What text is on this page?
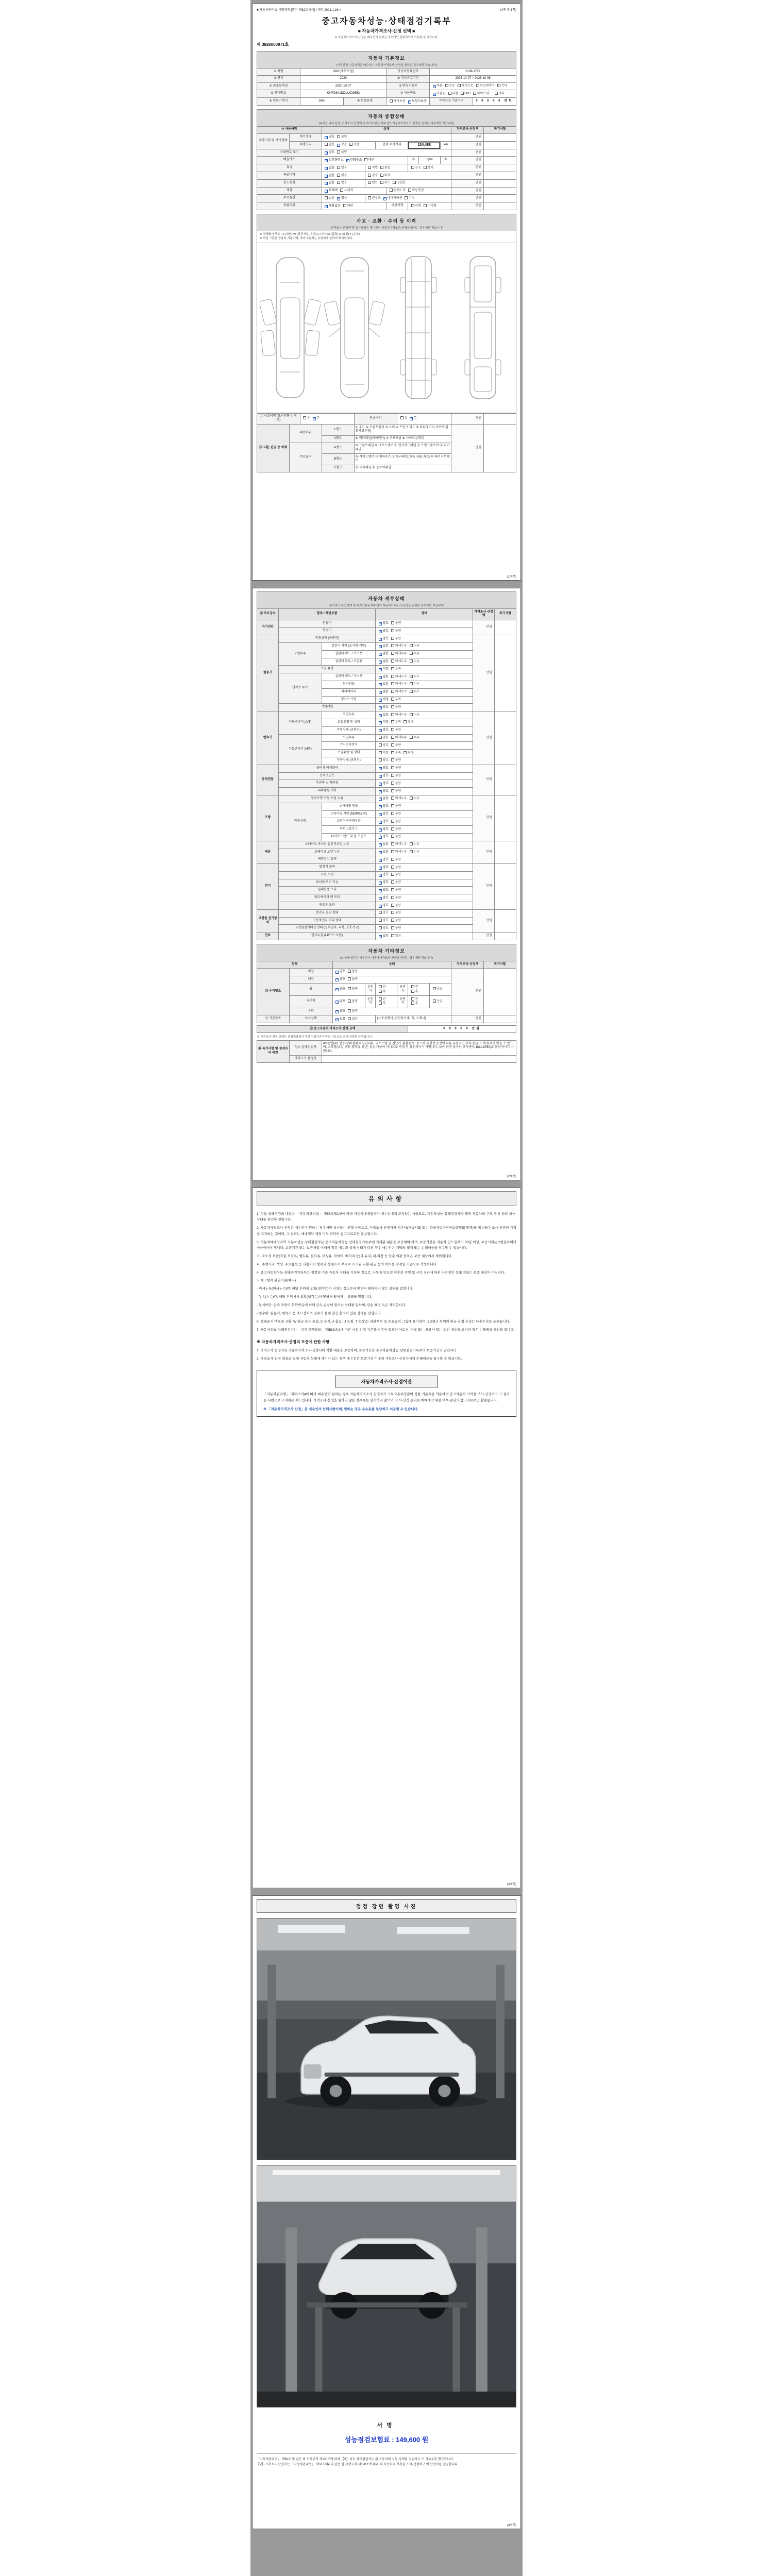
■ 자동차관리법 시행규칙 [별지 제82호서식] <개정 2021.1.16.>	(4쪽 중 1쪽)
중고자동차성능·상태점검기록부
■ 자동차가격조사·산정 선택 ■
※ 자동차가격조사·산정은 매수인이 원하는 경우에만 선택적으로 이용할 수 있습니다.
제 3826000971호
자동차 기본정보
(가격산정 기준가격은 매수인이 자동차가격조사·산정을 원하는 경우에만 적습니다)
① 차명	G80 (세부모델)		자동차등록번호	2199-1787	
② 연식	2020		③ 검사유효기간	2025-10-07 ~ 2026-10-06	
④ 최초등록일	2020-10-07		⑤ 변속기종류	✓자동 수동 세미오토 무단변속기 기타	
⑥ 차대번호	KMTG841DDLU029852		⑦ 사용연료	✓가솔린 디젤 LPG 하이브리드 기타	
⑧ 원동기형식	D6A	⑨ 보증유형	자가보증 ✓보험사보증	가격산정 기준가격	0 0 0 0 0 만원
자동차 종합상태
(※색상, 주요옵션, 가격조사·산정액 및 특기사항은 매수인이 자동차가격조사·산정을 원하는 경우에만 적습니다)
⑩ 사용이력		상태							가격조사·산정액	특기사항
주행거리 및 계기상태	계기상태	✓양호 불량							만원	
	주행거리	많음 ✓보통 적음		현재 주행거리		134,488		km	만원	
차대번호 표기		✓양호 불량							만원	
배출가스		✓일산화탄소 ✓탄화수소 매연				%	ppm	%	만원	
튜닝		✓없음 있음	적법 불법			구조 장치			만원	
특별이력		✓없음 있음	침수 화재						만원	
용도변경		✓없음 있음	렌트 리스 영업용						만원	
색상		✓무채색 유채색			전체도색 색상변경				만원	
주요옵션		없음 ✓있음	썬루프 ✓네비게이션 기타						만원	
리콜대상		✓해당없음 해당			리콜이행	이행 미이행			만원	
사고 · 교환 · 수리 등 이력
(가격조사·산정액 및 특기사항은 매수인이 자동차가격조사·산정을 원하는 경우에만 적습니다)
※ 상태표시 부호 : X (교환) W (판금 또는 용접) C (부식) A (흠집) U (요철) T (손상)
※ 하단 그림은 승용차 기준이며, 기타 자동차는 승용차에 준하여 표시합니다.
⑫ 사고이력 (표시사항 4. 참조)	유 ✓무	단순수리	유 ✓무	만원	
⑬ 교환, 판금 등 이력	외판부위	1랭크	① 후드 ② 프론트펜더 ③ 도어 ④ 트렁크 리드 ⑤ 라디에이터 서포트(볼트체결부품)	만원	
		2랭크	⑥ 쿼터패널(리어펜더) ⑦ 루프패널 ⑧ 사이드실패널		
	주요골격	A랭크	⑨ 프론트패널 ⑩ 크로스멤버 ⑪ 인사이드패널 ⑰ 트렁크플로어 ⑱ 리어패널		
		B랭크	⑫ 사이드멤버 ⑬ 휠하우스 ⑭ 필러패널 (⑭A, ⑭B, ⑭C) ⑲ 패키지트레이		
		C랭크	⑮ 대시패널 ⑯ 플로어패널		
(1/4쪽)
자동차 세부상태
(※가격조사·산정액 및 특기사항은 매수인이 자동차가격조사·산정을 원하는 경우에만 적습니다)
⑭ 주요장치	항목 / 해당부품		상태	가격조사·산정액	특기사항
자기진단	원동기		✓양호 불량	만원	
	변속기		✓양호 불량		
원동기	작동상태 (공회전)		✓양호 불량	만원	
	오일누유	실린더 커버 (로커암 커버)	✓없음 미세누유 누유		
		실린더 헤드 / 가스켓	✓없음 미세누유 누유		
		실린더 블록 / 오일팬	✓없음 미세누유 누유		
	오일 유량		✓적정 부족		
	냉각수 누수	실린더 헤드 / 가스켓	✓없음 미세누수 누수		
		워터펌프	✓없음 미세누수 누수		
		라디에이터	✓없음 미세누수 누수		
		냉각수 수량	✓적정 부족		
	커먼레일		✓양호 불량		
변속기	자동변속기 (A/T)	오일누유	✓없음 미세누유 누유	만원	
		오일유량 및 상태	✓적정 부족 과다		
		작동상태 (공회전)	✓양호 불량		
	수동변속기 (M/T)	오일누유	없음 미세누유 누유		
		기어변속장치	양호 불량		
		오일유량 및 상태	적정 부족 과다		
		작동상태 (공회전)	양호 불량		
동력전달	클러치 어셈블리		✓양호 불량	만원	
	등속조인트		✓양호 불량		
	추진축 및 베어링		✓양호 불량		
	디퍼렌셜 기어		✓양호 불량		
조향	동력조향 작동 오일 누유		✓없음 미세누유 누유	만원	
	작동상태	스티어링 펌프	✓양호 불량		
		스티어링 기어 (MDPS포함)	✓양호 불량		
		스티어링자재이음	✓양호 불량		
		파워고압호스	✓양호 불량		
		타이로드엔드 및 볼 조인트	✓양호 불량		
제동	브레이크 마스터 실린더오일 누유		✓없음 미세누유 누유	만원	
	브레이크 오일 누유		✓없음 미세누유 누유		
	배력장치 상태		✓양호 불량		
전기	발전기 출력		✓양호 불량	만원	
	시동 모터		✓양호 불량		
	와이퍼 모터 기능		✓양호 불량		
	실내송풍 모터		✓양호 불량		
	라디에이터 팬 모터		✓양호 불량		
	윈도우 모터		✓양호 불량		
고전원 전기장치	충전구 절연 상태		양호 불량	만원	
	구동축전지 격리 상태		양호 불량		
	고전원전기배선 상태 (접속단자, 피복, 보호기구)		양호 불량		
연료	연료누출 (LP가스 포함)		✓없음 있음	만원	
자동차 기타정보
(※ 상태 항목은 매수인이 자동차가격조사·산정을 원하는 경우에만 적습니다)
항목		상태						가격조사·산정액	특기사항
⑮ 수리필요	외장	✓양호 불량						만원	
	내장	✓양호 불량							
	휠	✓양호 불량	운전석	전후	동반석	전후	응급		
	타이어	✓양호 불량	운전석	전후	동반석	전후	응급		
	유리	✓양호 불량							
⑯ 기본품목	보유상태	✓있음 없음		(사용설명서, 안전삼각대, 잭, 스패너)				만원	
⑰ 중고자동차 가격조사·산정 금액	0 0 0 0 0 만원
※ 가격조사·산정 금액은 보험개발원이 정한 차량기준가액을 기준으로 조사·산정한 금액입니다.
⑱ 특기사항 및 점검자의 의견	성능·상태점검자	AS클럽(주) 성능·상태점검 차량입니다. 리프트업 및 진단기 점검 완료. 중고차 특성상 운행에 따른 부분적인 부식·판금·도색 흔적이 있을 수 있으며, 소모품(오일·벨트·필터류 등)은 점검 대상이 아니므로 구입 전 확인하시기 바랍니다. 보증 관련 접수는 고객센터(1811-8760)로 문의하시기 바랍니다.
	가격조사·산정자	
(2/4쪽)
유의사항

1. 성능·상태점검의 내용은 「자동차관리법」 제58조제1항에 따라 자동차매매업자가 매수인에게 고지하는 사항으로, 자동차성능·상태점검자가 해당 자동차의 구조·장치 등의 성능·상태를 점검한 것입니다.

2. 자동차가격조사·산정은 매수인이 원하는 경우에만 실시하는 선택 사항으로, 가격조사·산정자가 기준서(기술사회 또는 한국자동차진단보증협회 발행)를 적용하여 조사·산정한 가격을 고지하는 것이며, 그 결과는 매매계약 체결 여부 판단의 참고자료로만 활용됩니다.

3. 자동차매매업자와 자동차성능·상태점검자는 중고자동차성능·상태점검기록부에 기재된 내용을 보증해야 하며, 보증기간은 자동차 인도일부터 30일 이상, 보증거리는 2천킬로미터 이상이어야 합니다. 보증기간 또는 보증거리 이내에 점검 내용과 실제 상태가 다른 경우 매수인은 계약의 해제 또는 손해배상을 청구할 수 있습니다.

가. 소모성 부품(각종 오일류, 벨트류, 필터류, 부싱류, 타이어, 배터리 등)과 유리, 내·외장 등 단순 외관 항목은 보증 대상에서 제외됩니다.

나. 주행거리, 색상, 주요옵션 등 사용이력 항목과 상태표시 부호로 표기된 교환·판금 등의 이력은 점검일 기준으로 작성됩니다.

4. 중고자동차성능·상태점검기록부는 점검일 기준 자동차 상태를 기록한 것으로, 자동차 인도일 이후의 주행 및 시간 경과에 따른 자연적인 상태 변화는 보증 대상이 아닙니다.

5. 체크항목 판단기준(예시)

- 미세누유(미세누수)란: 해당 부위에 오일(냉각수)이 비치는 정도로서 맺혀서 떨어지지 않는 상태를 말합니다.

- 누유(누수)란: 해당 부위에서 오일(냉각수)이 맺혀서 떨어지는 상태를 말합니다.

- 부식이란: 금속 표면이 화학반응에 의해 금속 손실이 일어난 상태를 말하며, 단순 표면 녹은 제외합니다.

- 침수란: 원동기, 변속기 등 주요장치의 일부가 물에 잠긴 흔적이 있는 상태를 말합니다.

6. 상태표시 부호(X 교환, W 판금 또는 용접, C 부식, A 흠집, U 요철, T 손상)는 외판부위 및 주요골격 그림에 표기하며, 1·2랭크 부위의 판금·용접 수리는 단순수리로 분류됩니다.

7. 자동차성능·상태점검자는 「자동차관리법」 제58조의2에 따른 시설·인력 기준을 갖추어 등록한 자로서, 거짓 또는 오류가 있는 점검 내용을 고지한 경우 손해배상 책임을 집니다.

※ 자동차가격조사·산정의 보증에 관한 사항

1. 가격조사·산정자는 자동차가격조사·산정서에 적힌 내용을 보증하며, 보증기간은 중고자동차성능·상태점검기록부의 보증기간과 같습니다.

2. 가격조사·산정 내용과 실제 자동차 상태에 차이가 있는 경우 매수인은 보증기간 이내에 가격조사·산정자에게 손해배상을 청구할 수 있습니다.

자동차가격조사·산정이란
「자동차관리법」 제58조의4에 따라 매수인이 원하는 경우 자동차가격조사·산정자가 국토교통부장관이 정한 기준서를 적용하여 중고자동차 가격을 조사·산정하고 그 결과를 서면으로 고지하는 제도입니다. 가격조사·산정을 원하지 않는 경우에는 실시하지 않으며, 조사·산정 결과는 매매계약 체결 여부 판단의 참고자료로만 활용됩니다.
※ 「자동차가격조사·산정」은 매수인의 선택사항이며, 원하는 경우 수수료를 부담하고 이용할 수 있습니다.
(3/4쪽)
점검 장면 촬영 사진
서명
성능점검보험료 : 149,600 원
「자동차관리법」 제58조 및 같은 법 시행규칙 제120조에 따라 【V】성능·상태점검자는 위 자동차의 성능·상태를 점검하고 이 기록부를 발급합니다.
【V】가격조사·산정자는 「자동차관리법」 제58조의4 및 같은 법 시행규칙 제120조에 따라 위 자동차의 가격을 조사·산정하고 이 산정서를 발급합니다.
(4/4쪽)
